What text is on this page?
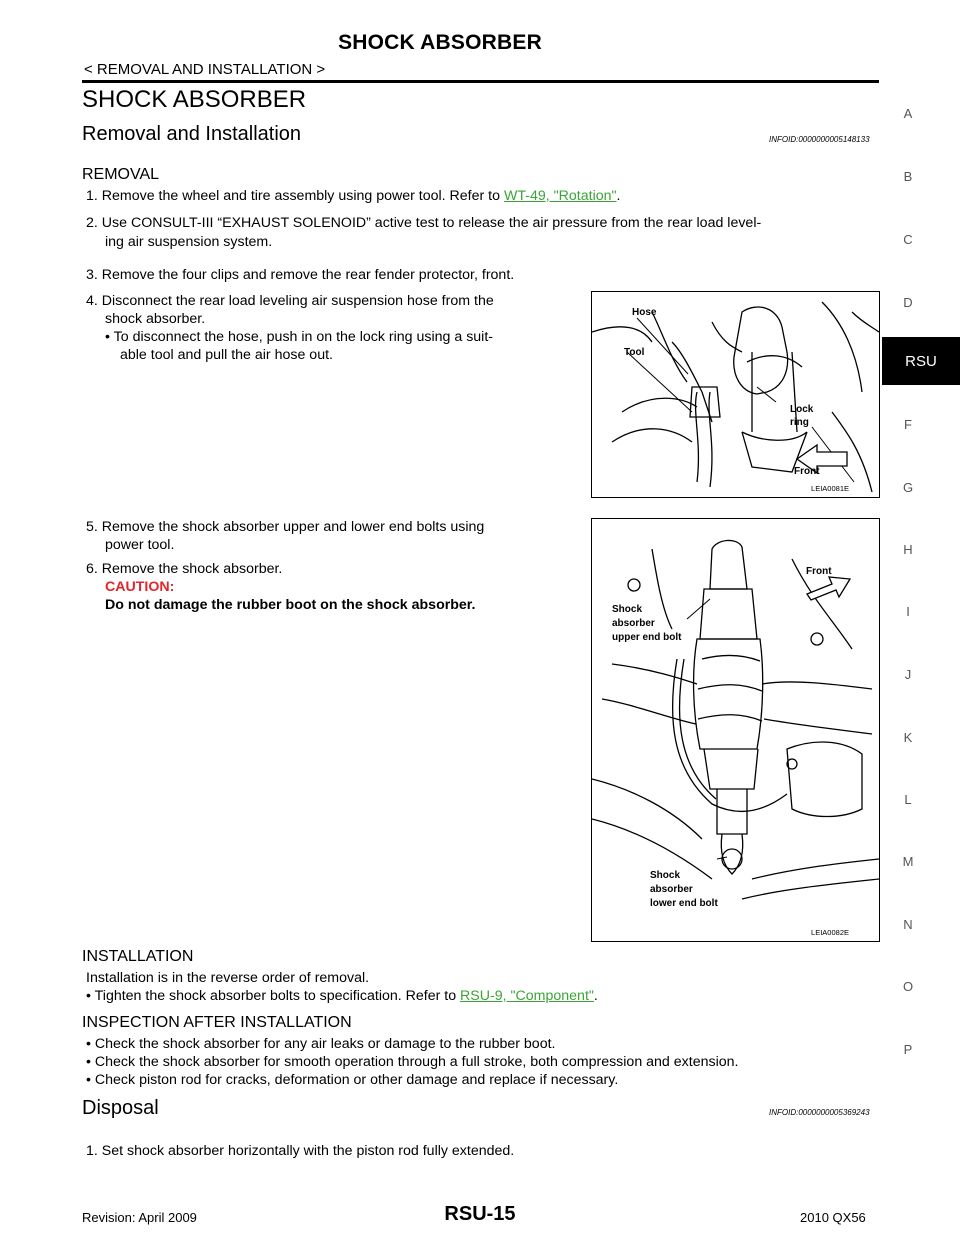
SHOCK ABSORBER
< REMOVAL AND INSTALLATION >
SHOCK ABSORBER
Removal and Installation	INFOID:0000000005148133
REMOVAL
1. Remove the wheel and tire assembly using power tool. Refer to WT-49, "Rotation".
2. Use CONSULT-III “EXHAUST SOLENOID” active test to release the air pressure from the rear load level-
ing air suspension system.
3. Remove the four clips and remove the rear fender protector, front.
4. Disconnect the rear load leveling air suspension hose from the
shock absorber.
• To disconnect the hose, push in on the lock ring using a suit-
able tool and pull the air hose out.
5. Remove the shock absorber upper and lower end bolts using
power tool.
6. Remove the shock absorber.
CAUTION:
Do not damage the rubber boot on the shock absorber.
Hose
Tool
Lock
ring
Front
LEIA0081E
Front
Shock
absorber
upper end bolt
Shock
absorber
lower end bolt
LEIA0082E
INSTALLATION
Installation is in the reverse order of removal.
• Tighten the shock absorber bolts to specification. Refer to RSU-9, "Component".
INSPECTION AFTER INSTALLATION
• Check the shock absorber for any air leaks or damage to the rubber boot.
• Check the shock absorber for smooth operation through a full stroke, both compression and extension.
• Check piston rod for cracks, deformation or other damage and replace if necessary.
Disposal	INFOID:0000000005369243
1. Set shock absorber horizontally with the piston rod fully extended.
A
B
C
D
F
G
H
I
J
K
L
M
N
O
P
RSU
Revision: April 2009	RSU-15	2010 QX56
